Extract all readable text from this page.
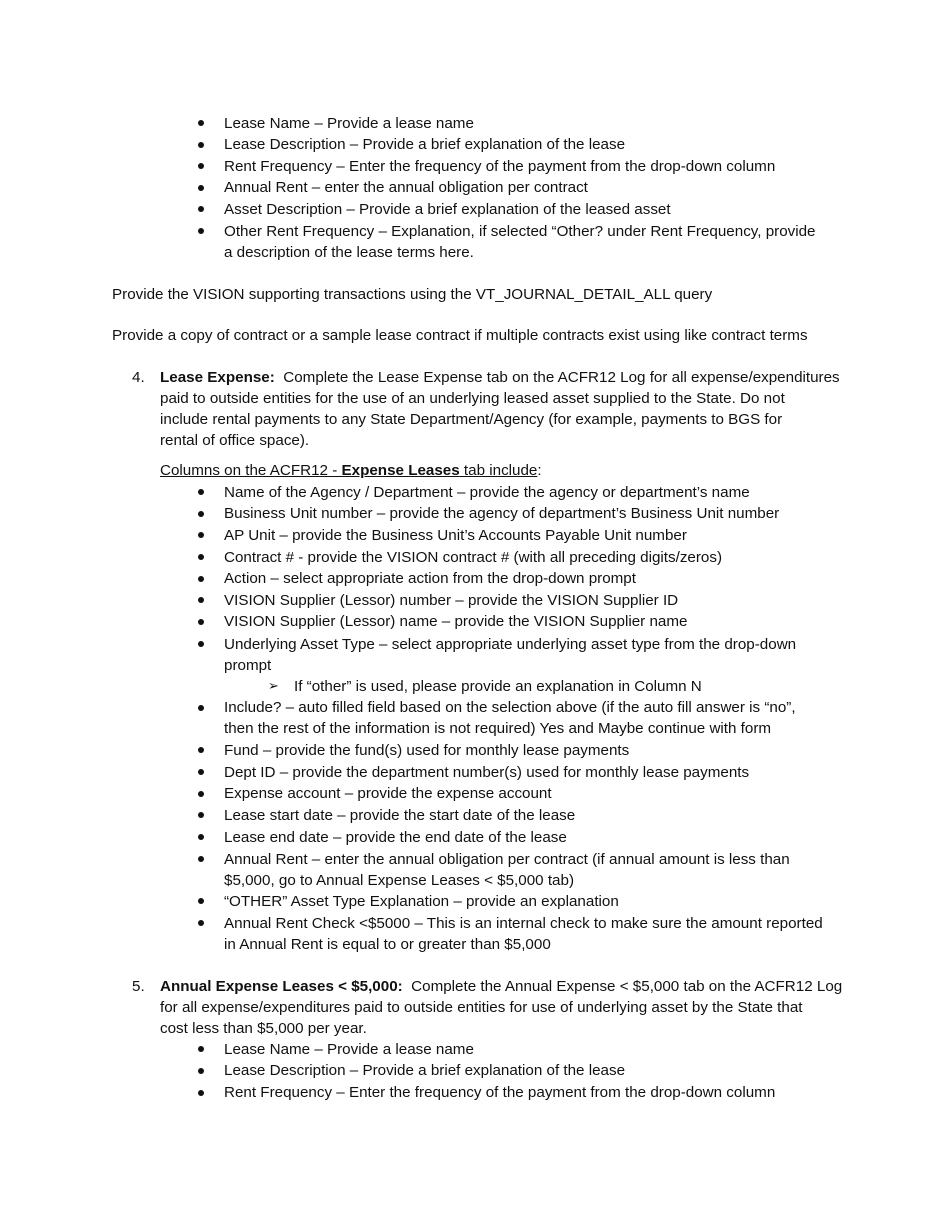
Lease Name – Provide a lease name
Lease Description – Provide a brief explanation of the lease
Rent Frequency – Enter the frequency of the payment from the drop-down column
Annual Rent – enter the annual obligation per contract
Asset Description – Provide a brief explanation of the leased asset
Other Rent Frequency – Explanation, if selected “Other? under Rent Frequency, provide
a description of the lease terms here.
Provide the VISION supporting transactions using the VT_JOURNAL_DETAIL_ALL query
Provide a copy of contract or a sample lease contract if multiple contracts exist using like contract terms
4. Lease Expense: Complete the Lease Expense tab on the ACFR12 Log for all expense/expenditures
paid to outside entities for the use of an underlying leased asset supplied to the State. Do not
include rental payments to any State Department/Agency (for example, payments to BGS for
rental of office space).
Columns on the ACFR12 - Expense Leases tab include:
Name of the Agency / Department – provide the agency or department’s name
Business Unit number – provide the agency of department’s Business Unit number
AP Unit – provide the Business Unit’s Accounts Payable Unit number
Contract # - provide the VISION contract # (with all preceding digits/zeros)
Action – select appropriate action from the drop-down prompt
VISION Supplier (Lessor) number – provide the VISION Supplier ID
VISION Supplier (Lessor) name – provide the VISION Supplier name
Underlying Asset Type – select appropriate underlying asset type from the drop-down
prompt
➢ If “other” is used, please provide an explanation in Column N
Include? – auto filled field based on the selection above (if the auto fill answer is “no”,
then the rest of the information is not required) Yes and Maybe continue with form
Fund – provide the fund(s) used for monthly lease payments
Dept ID – provide the department number(s) used for monthly lease payments
Expense account – provide the expense account
Lease start date – provide the start date of the lease
Lease end date – provide the end date of the lease
Annual Rent – enter the annual obligation per contract (if annual amount is less than
$5,000, go to Annual Expense Leases < $5,000 tab)
“OTHER” Asset Type Explanation – provide an explanation
Annual Rent Check <$5000 – This is an internal check to make sure the amount reported
in Annual Rent is equal to or greater than $5,000
5. Annual Expense Leases < $5,000: Complete the Annual Expense < $5,000 tab on the ACFR12 Log
for all expense/expenditures paid to outside entities for use of underlying asset by the State that
cost less than $5,000 per year.
Lease Name – Provide a lease name
Lease Description – Provide a brief explanation of the lease
Rent Frequency – Enter the frequency of the payment from the drop-down column
